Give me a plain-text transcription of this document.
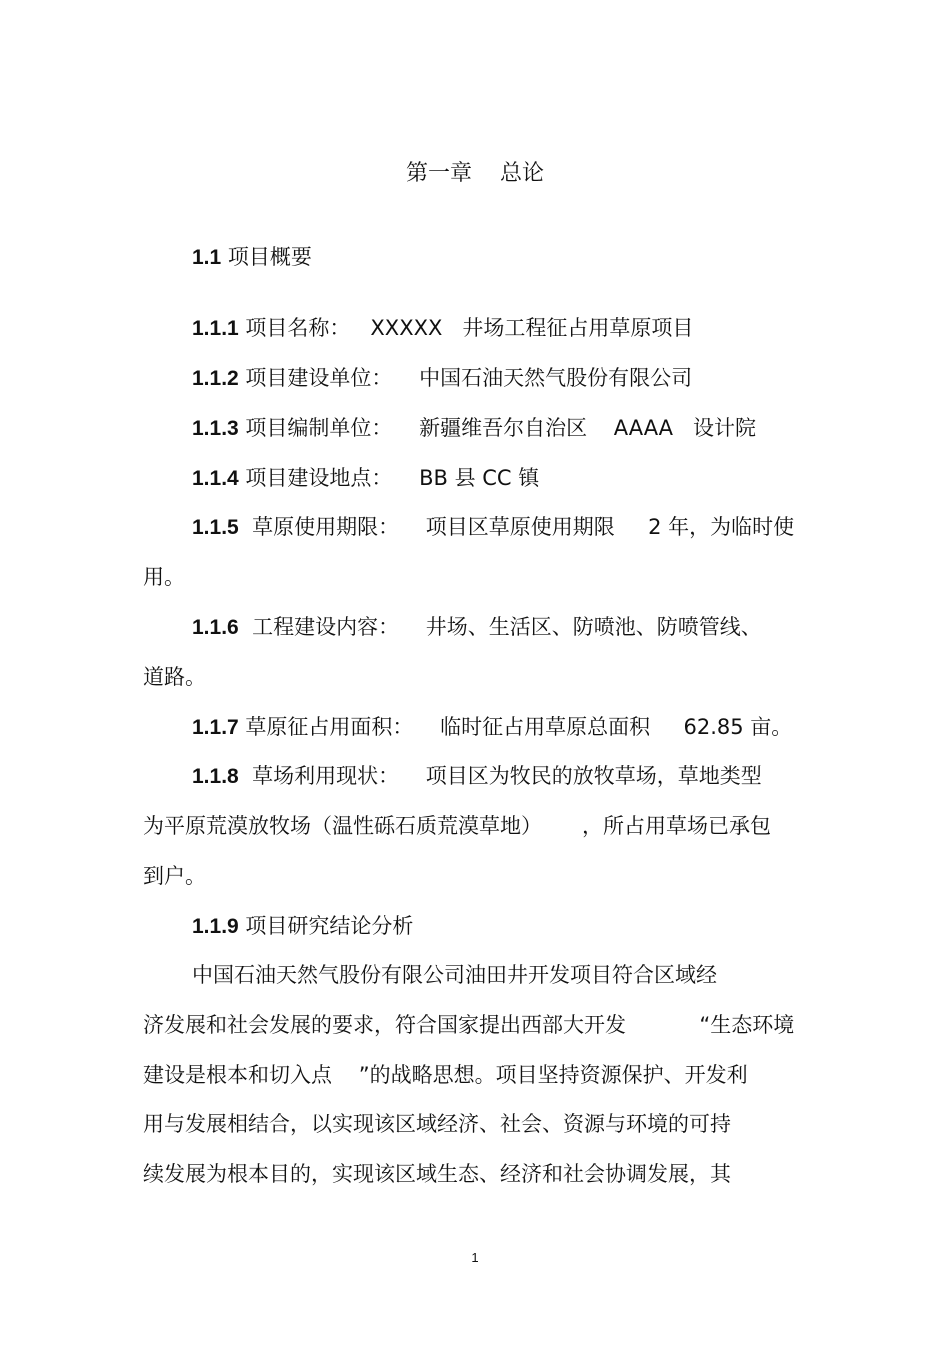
第一章    总论
1.1 项目概要
1.1.1 项目名称：   XXXXX   井场工程征占用草原项目
1.1.2 项目建设单位：    中国石油天然气股份有限公司
1.1.3 项目编制单位：    新疆维吾尔自治区    AAAA   设计院
1.1.4 项目建设地点：    BB 县 CC 镇
1.1.5  草原使用期限：    项目区草原使用期限     2 年，为临时使
用。
1.1.6  工程建设内容：    井场、生活区、防喷池、防喷管线、
道路。
1.1.7 草原征占用面积：    临时征占用草原总面积     62.85 亩。
1.1.8  草场利用现状：    项目区为牧民的放牧草场，草地类型
为平原荒漠放牧场（温性砾石质荒漠草地）      ，所占用草场已承包
到户。
1.1.9 项目研究结论分析
中国石油天然气股份有限公司油田井开发项目符合区域经
济发展和社会发展的要求，符合国家提出西部大开发           “生态环境
建设是根本和切入点    ”的战略思想。项目坚持资源保护、开发利
用与发展相结合，以实现该区域经济、社会、资源与环境的可持
续发展为根本目的，实现该区域生态、经济和社会协调发展，其
1
